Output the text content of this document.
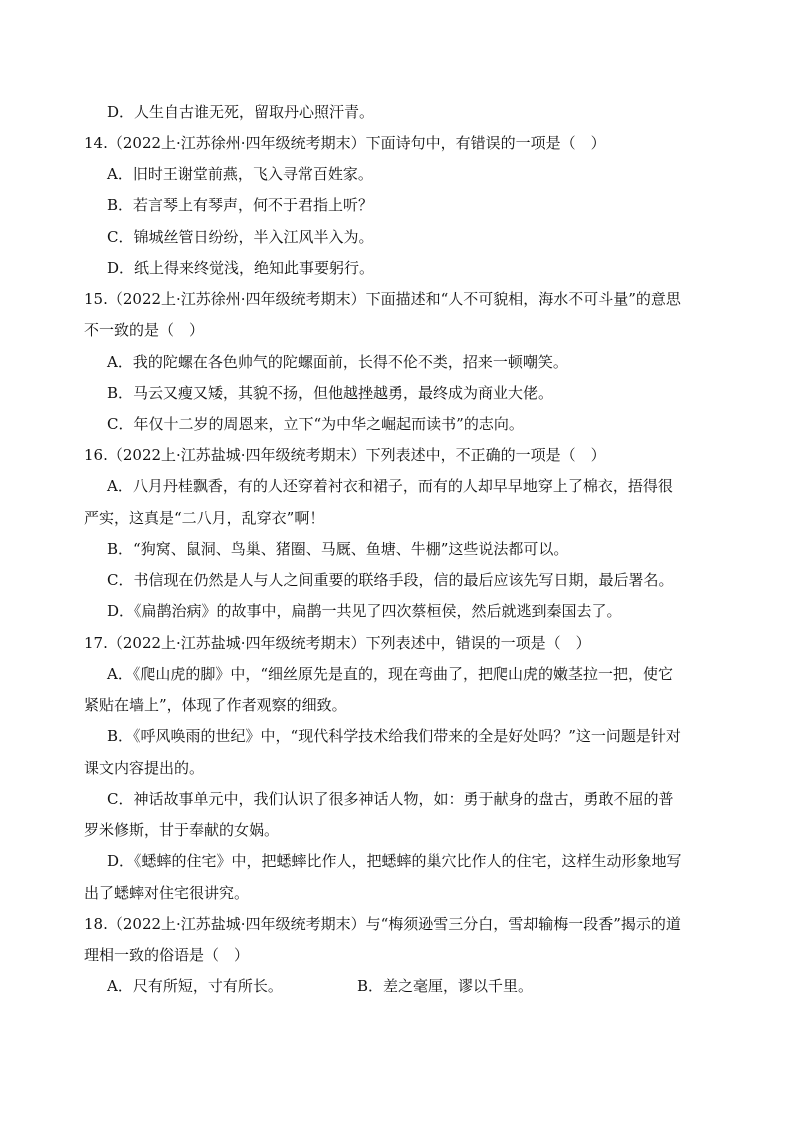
D．人生自古谁无死，留取丹心照汗青。
14.（2022上·江苏徐州·四年级统考期末）下面诗句中，有错误的一项是（　）
A．旧时王谢堂前燕，飞入寻常百姓家。
B．若言琴上有琴声，何不于君指上听？
C．锦城丝管日纷纷，半入江风半入为。
D．纸上得来终觉浅，绝知此事要躬行。
15.（2022上·江苏徐州·四年级统考期末）下面描述和“人不可貌相，海水不可斗量”的意思
不一致的是（　）
A．我的陀螺在各色帅气的陀螺面前，长得不伦不类，招来一顿嘲笑。
B．马云又瘦又矮，其貌不扬，但他越挫越勇，最终成为商业大佬。
C．年仅十二岁的周恩来，立下“为中华之崛起而读书”的志向。
16.（2022上·江苏盐城·四年级统考期末）下列表述中，不正确的一项是（　）
A．八月丹桂飘香，有的人还穿着衬衣和裙子，而有的人却早早地穿上了棉衣，捂得很
严实，这真是“二八月，乱穿衣”啊！
B．“狗窝、鼠洞、鸟巢、猪圈、马厩、鱼塘、牛棚”这些说法都可以。
C．书信现在仍然是人与人之间重要的联络手段，信的最后应该先写日期，最后署名。
D．《扁鹊治病》的故事中，扁鹊一共见了四次蔡桓侯，然后就逃到秦国去了。
17.（2022上·江苏盐城·四年级统考期末）下列表述中，错误的一项是（　）
A．《爬山虎的脚》中，“细丝原先是直的，现在弯曲了，把爬山虎的嫩茎拉一把，使它
紧贴在墙上”，体现了作者观察的细致。
B．《呼风唤雨的世纪》中，“现代科学技术给我们带来的全是好处吗？”这一问题是针对
课文内容提出的。
C．神话故事单元中，我们认识了很多神话人物，如：勇于献身的盘古，勇敢不屈的普
罗米修斯，甘于奉献的女娲。
D．《蟋蟀的住宅》中，把蟋蟀比作人，把蟋蟀的巢穴比作人的住宅，这样生动形象地写
出了蟋蟀对住宅很讲究。
18.（2022上·江苏盐城·四年级统考期末）与“梅须逊雪三分白，雪却输梅一段香”揭示的道
理相一致的俗语是（　）
A．尺有所短，寸有所长。	B．差之毫厘，谬以千里。
